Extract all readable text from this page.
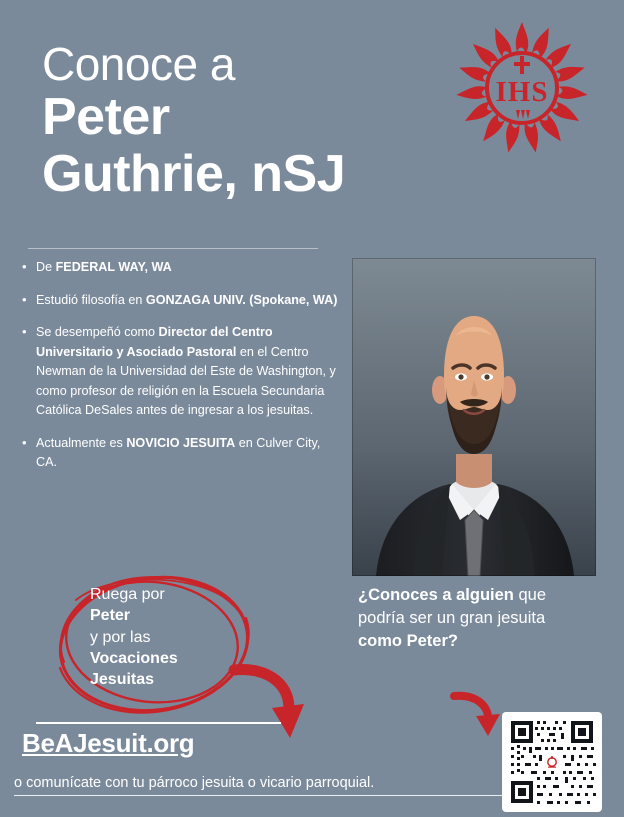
Conoce a
Peter
Guthrie, nSJ
IHS
• De FEDERAL WAY, WA
• Estudió filosofía en GONZAGA UNIV. (Spokane, WA)
• Se desempeñó como Director del Centro Universitario y Asociado Pastoral en el Centro Newman de la Universidad del Este de Washington, y como profesor de religión en la Escuela Secundaria Católica DeSales antes de ingresar a los jesuitas.
• Actualmente es NOVICIO JESUITA en Culver City, CA.
Ruega por
Peter
y por las
Vocaciones
Jesuitas
¿Conoces a alguien que podría ser un gran jesuita como Peter?
BeAJesuit.org
o comunícate con tu párroco jesuita o vicario parroquial.
